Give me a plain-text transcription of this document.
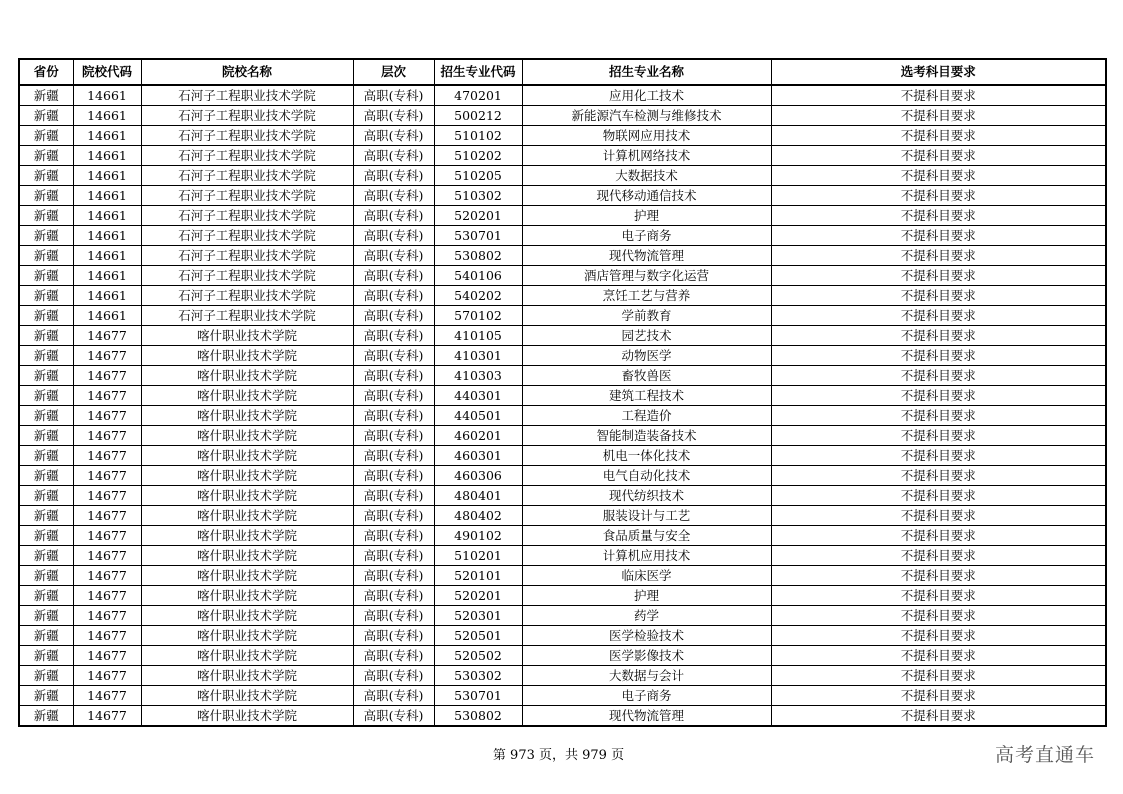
省份	院校代码	院校名称	层次	招生专业代码	招生专业名称	选考科目要求
新疆	14661	石河子工程职业技术学院	高职(专科)	470201	应用化工技术	不提科目要求
新疆	14661	石河子工程职业技术学院	高职(专科)	500212	新能源汽车检测与维修技术	不提科目要求
新疆	14661	石河子工程职业技术学院	高职(专科)	510102	物联网应用技术	不提科目要求
新疆	14661	石河子工程职业技术学院	高职(专科)	510202	计算机网络技术	不提科目要求
新疆	14661	石河子工程职业技术学院	高职(专科)	510205	大数据技术	不提科目要求
新疆	14661	石河子工程职业技术学院	高职(专科)	510302	现代移动通信技术	不提科目要求
新疆	14661	石河子工程职业技术学院	高职(专科)	520201	护理	不提科目要求
新疆	14661	石河子工程职业技术学院	高职(专科)	530701	电子商务	不提科目要求
新疆	14661	石河子工程职业技术学院	高职(专科)	530802	现代物流管理	不提科目要求
新疆	14661	石河子工程职业技术学院	高职(专科)	540106	酒店管理与数字化运营	不提科目要求
新疆	14661	石河子工程职业技术学院	高职(专科)	540202	烹饪工艺与营养	不提科目要求
新疆	14661	石河子工程职业技术学院	高职(专科)	570102	学前教育	不提科目要求
新疆	14677	喀什职业技术学院	高职(专科)	410105	园艺技术	不提科目要求
新疆	14677	喀什职业技术学院	高职(专科)	410301	动物医学	不提科目要求
新疆	14677	喀什职业技术学院	高职(专科)	410303	畜牧兽医	不提科目要求
新疆	14677	喀什职业技术学院	高职(专科)	440301	建筑工程技术	不提科目要求
新疆	14677	喀什职业技术学院	高职(专科)	440501	工程造价	不提科目要求
新疆	14677	喀什职业技术学院	高职(专科)	460201	智能制造装备技术	不提科目要求
新疆	14677	喀什职业技术学院	高职(专科)	460301	机电一体化技术	不提科目要求
新疆	14677	喀什职业技术学院	高职(专科)	460306	电气自动化技术	不提科目要求
新疆	14677	喀什职业技术学院	高职(专科)	480401	现代纺织技术	不提科目要求
新疆	14677	喀什职业技术学院	高职(专科)	480402	服装设计与工艺	不提科目要求
新疆	14677	喀什职业技术学院	高职(专科)	490102	食品质量与安全	不提科目要求
新疆	14677	喀什职业技术学院	高职(专科)	510201	计算机应用技术	不提科目要求
新疆	14677	喀什职业技术学院	高职(专科)	520101	临床医学	不提科目要求
新疆	14677	喀什职业技术学院	高职(专科)	520201	护理	不提科目要求
新疆	14677	喀什职业技术学院	高职(专科)	520301	药学	不提科目要求
新疆	14677	喀什职业技术学院	高职(专科)	520501	医学检验技术	不提科目要求
新疆	14677	喀什职业技术学院	高职(专科)	520502	医学影像技术	不提科目要求
新疆	14677	喀什职业技术学院	高职(专科)	530302	大数据与会计	不提科目要求
新疆	14677	喀什职业技术学院	高职(专科)	530701	电子商务	不提科目要求
新疆	14677	喀什职业技术学院	高职(专科)	530802	现代物流管理	不提科目要求
第 973 页，共 979 页	高考直通车
